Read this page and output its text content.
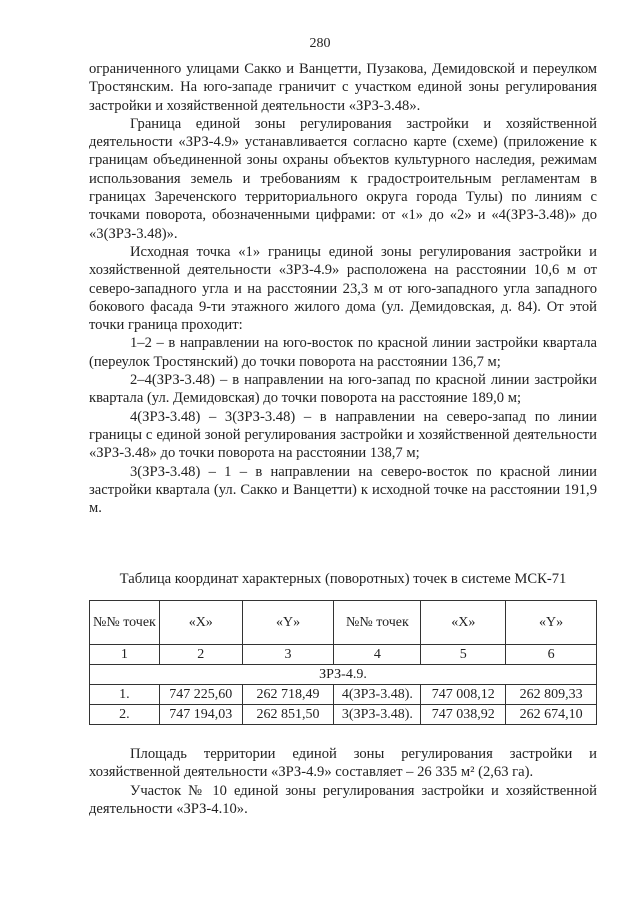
280

ограниченного улицами Сакко и Ванцетти, Пузакова, Демидовской и переулком Тростянским. На юго-западе граничит с участком единой зоны регулирования застройки и хозяйственной деятельности «ЗРЗ-3.48».

Граница единой зоны регулирования застройки и хозяйственной деятельности «ЗРЗ-4.9» устанавливается согласно карте (схеме) (приложение к границам объединенной зоны охраны объектов культурного наследия, режимам использования земель и требованиям к градостроительным регламентам в границах Зареченского территориального округа города Тулы) по линиям с точками поворота, обозначенными цифрами: от «1» до «2» и «4(ЗРЗ-3.48)» до «3(ЗРЗ-3.48)».

Исходная точка «1» границы единой зоны регулирования застройки и хозяйственной деятельности «ЗРЗ-4.9» расположена на расстоянии 10,6 м от северо-западного угла и на расстоянии 23,3 м от юго-западного угла западного бокового фасада 9-ти этажного жилого дома (ул. Демидовская, д. 84). От этой точки граница проходит:

1–2 – в направлении на юго-восток по красной линии застройки квартала (переулок Тростянский) до точки поворота на расстоянии 136,7 м;

2–4(ЗРЗ-3.48) – в направлении на юго-запад по красной линии застройки квартала (ул. Демидовская) до точки поворота на расстояние 189,0 м;

4(ЗРЗ-3.48) – 3(ЗРЗ-3.48) – в направлении на северо-запад по линии границы с единой зоной регулирования застройки и хозяйственной деятельности «ЗРЗ-3.48» до точки поворота на расстоянии 138,7 м;

3(ЗРЗ-3.48) – 1 – в направлении на северо-восток по красной линии застройки квартала (ул. Сакко и Ванцетти) к исходной точке на расстоянии 191,9 м.

Таблица координат характерных (поворотных) точек в системе МСК-71
№№ точек	«X»	«Y»	№№ точек	«X»	«Y»
1	2	3	4	5	6
ЗРЗ-4.9.					
1.	747 225,60	262 718,49	4(ЗРЗ-3.48).	747 008,12	262 809,33
2.	747 194,03	262 851,50	3(ЗРЗ-3.48).	747 038,92	262 674,10

Площадь территории единой зоны регулирования застройки и хозяйственной деятельности «ЗРЗ-4.9» составляет – 26 335 м² (2,63 га).

Участок № 10 единой зоны регулирования застройки и хозяйственной деятельности «ЗРЗ-4.10».
